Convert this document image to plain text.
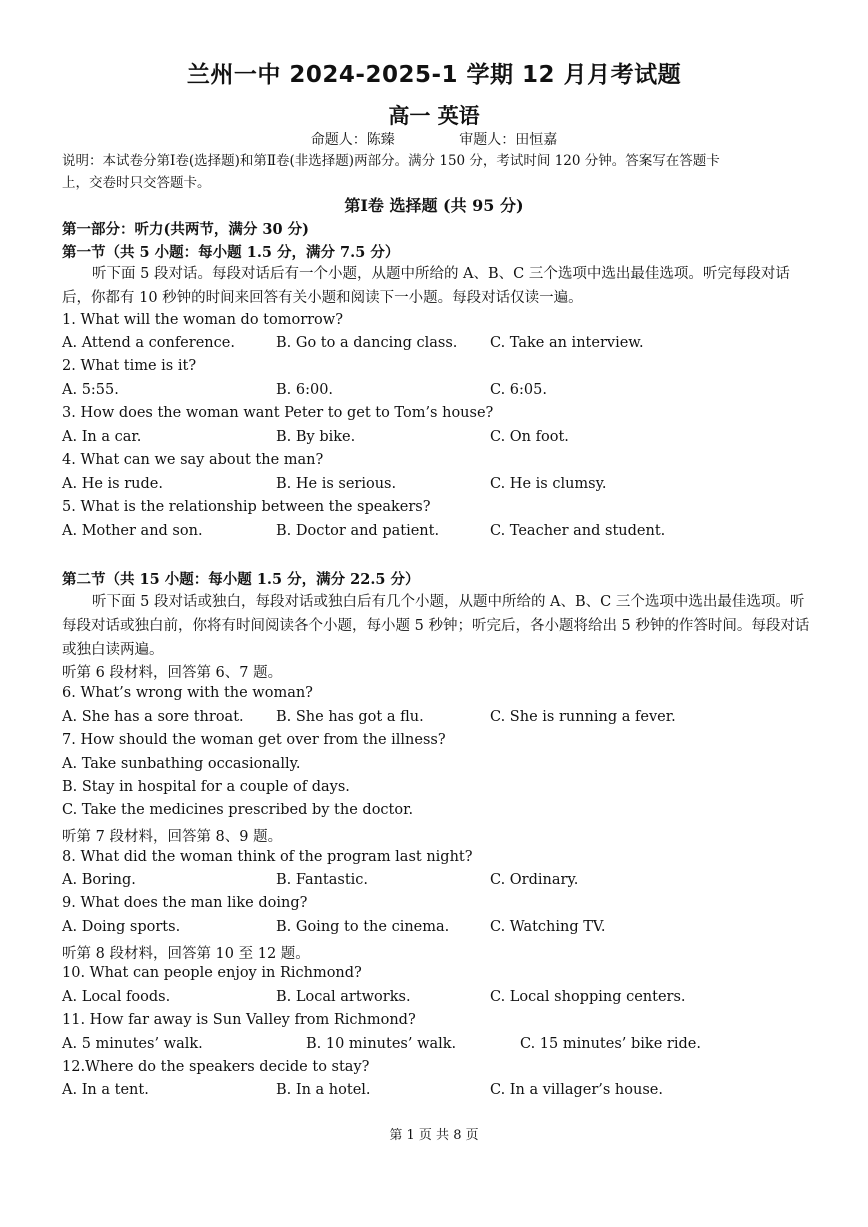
兰州一中 2024-2025-1 学期 12 月月考试题
高一 英语
命题人：陈臻	审题人：田恒嘉
说明：本试卷分第Ⅰ卷(选择题)和第Ⅱ卷(非选择题)两部分。满分 150 分，考试时间 120 分钟。答案写在答题卡
上，交卷时只交答题卡。
第Ⅰ卷 选择题 (共 95 分)
第一部分：听力(共两节，满分 30 分)
第一节（共 5 小题：每小题 1.5 分，满分 7.5 分）
听下面 5 段对话。每段对话后有一个小题，从题中所给的 A、B、C 三个选项中选出最佳选项。听完每段对话后，你都有 10 秒钟的时间来回答有关小题和阅读下一小题。每段对话仅读一遍。
1. What will the woman do tomorrow?
A. Attend a conference.	B. Go to a dancing class. C. Take an interview.
2. What time is it?
A. 5:55.	B. 6:00.	C. 6:05.
3. How does the woman want Peter to get to Tom’s house?
A. In a car.	B. By bike.	C. On foot.
4. What can we say about the man?
A. He is rude.	B. He is serious.	C. He is clumsy.
5. What is the relationship between the speakers?
A. Mother and son.	B. Doctor and patient.	C. Teacher and student.
第二节（共 15 小题：每小题 1.5 分，满分 22.5 分）
听下面 5 段对话或独白，每段对话或独白后有几个小题，从题中所给的 A、B、C 三个选项中选出最佳选项。听每段对话或独白前，你将有时间阅读各个小题，每小题 5 秒钟；听完后，各小题将给出 5 秒钟的作答时间。每段对话或独白读两遍。
听第 6 段材料，回答第 6、7 题。
6. What’s wrong with the woman?
A. She has a sore throat. B. She has got a flu.	C. She is running a fever.
7. How should the woman get over from the illness?
A. Take sunbathing occasionally.
B. Stay in hospital for a couple of days.
C. Take the medicines prescribed by the doctor.
听第 7 段材料，回答第 8、9 题。
8. What did the woman think of the program last night?
A. Boring.	B. Fantastic.	C. Ordinary.
9. What does the man like doing?
A. Doing sports.	B. Going to the cinema.	C. Watching TV.
听第 8 段材料，回答第 10 至 12 题。
10. What can people enjoy in Richmond?
A. Local foods.	B. Local artworks.	C. Local shopping centers.
11. How far away is Sun Valley from Richmond?
A. 5 minutes’ walk.	B. 10 minutes’ walk.	C. 15 minutes’ bike ride.
12.Where do the speakers decide to stay?
A. In a tent.	B. In a hotel.	C. In a villager’s house.
第 1 页 共 8 页
